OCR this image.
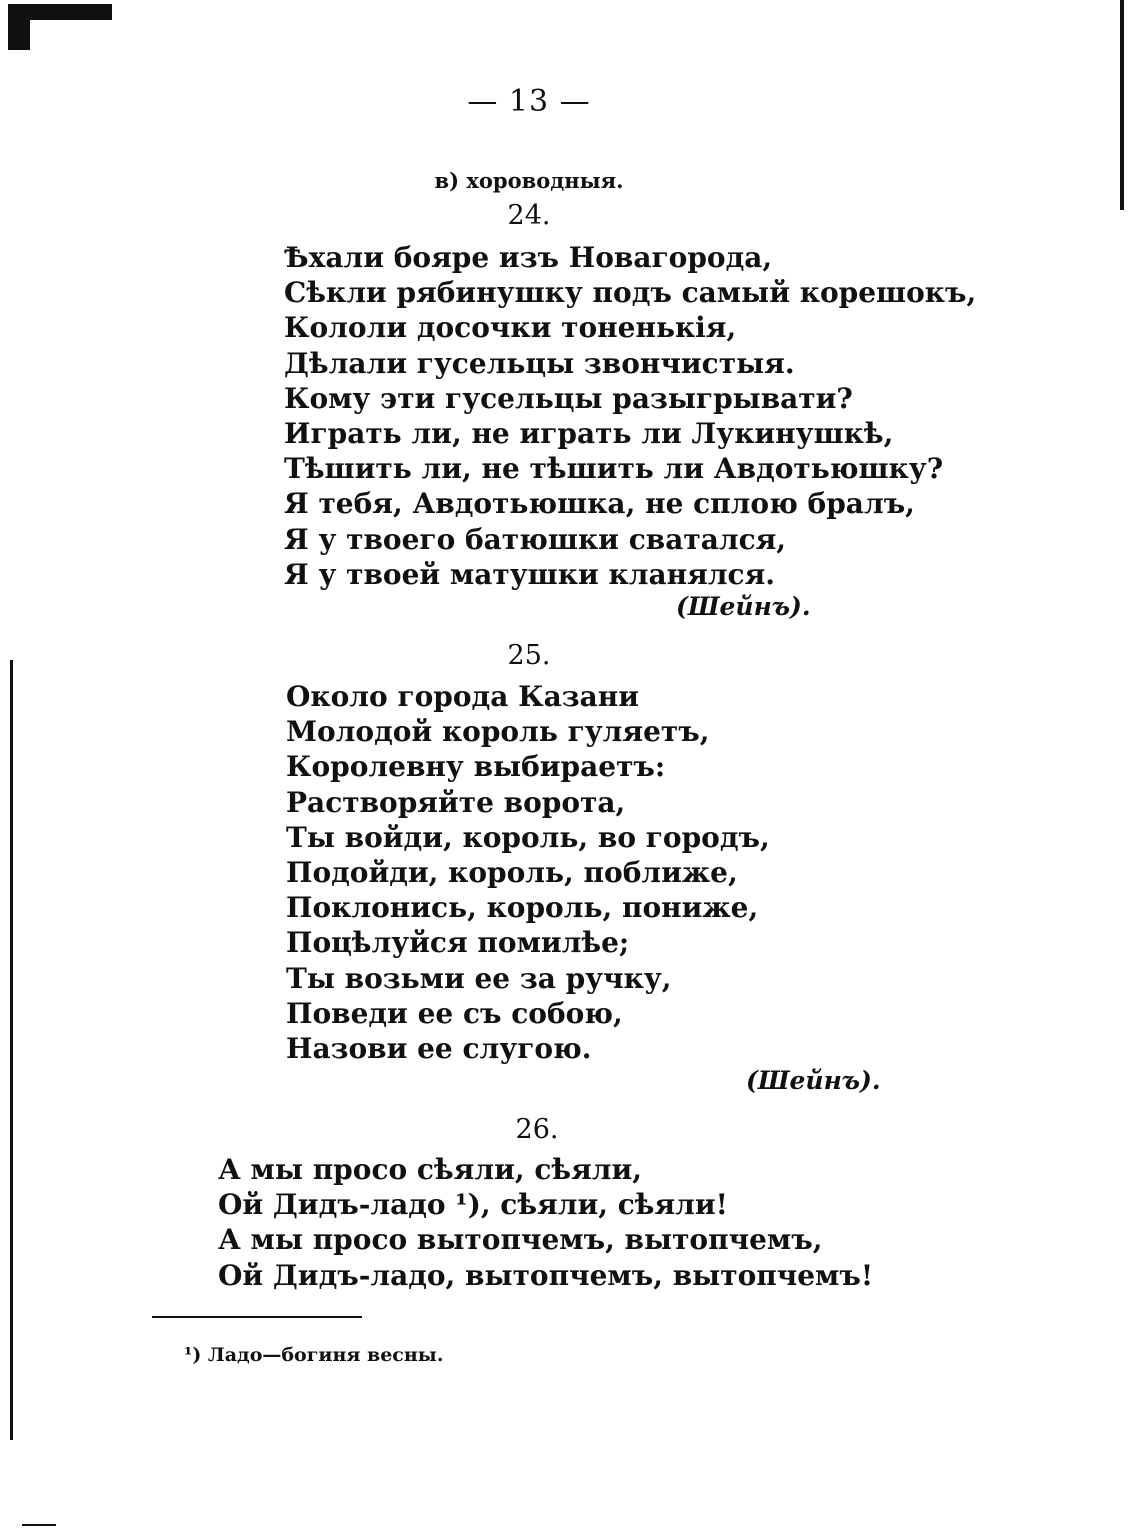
— 13 —
в) хороводныя.
24.
Ѣхали бояре изъ Новагорода,
Сѣкли рябинушку подъ самый корешокъ,
Кололи досочки тоненькія,
Дѣлали гусельцы звончистыя.
Кому эти гусельцы разыгрывати?
Играть ли, не играть ли Лукинушкѣ,
Тѣшить ли, не тѣшить ли Авдотьюшку?
Я тебя, Авдотьюшка, не сплою бралъ,
Я у твоего батюшки сватался,
Я у твоей матушки кланялся.
(Шейнъ).
25.
Около города Казани
Молодой король гуляетъ,
Королевну выбираетъ:
Растворяйте ворота,
Ты войди, король, во городъ,
Подойди, король, поближе,
Поклонись, король, пониже,
Поцѣлуйся помилѣе;
Ты возьми ее за ручку,
Поведи ее съ собою,
Назови ее слугою.
(Шейнъ).
26.
А мы просо сѣяли, сѣяли,
Ой Дидъ-ладо ¹), сѣяли, сѣяли!
А мы просо вытопчемъ, вытопчемъ,
Ой Дидъ-ладо, вытопчемъ, вытопчемъ!
¹) Ладо—богиня весны.
